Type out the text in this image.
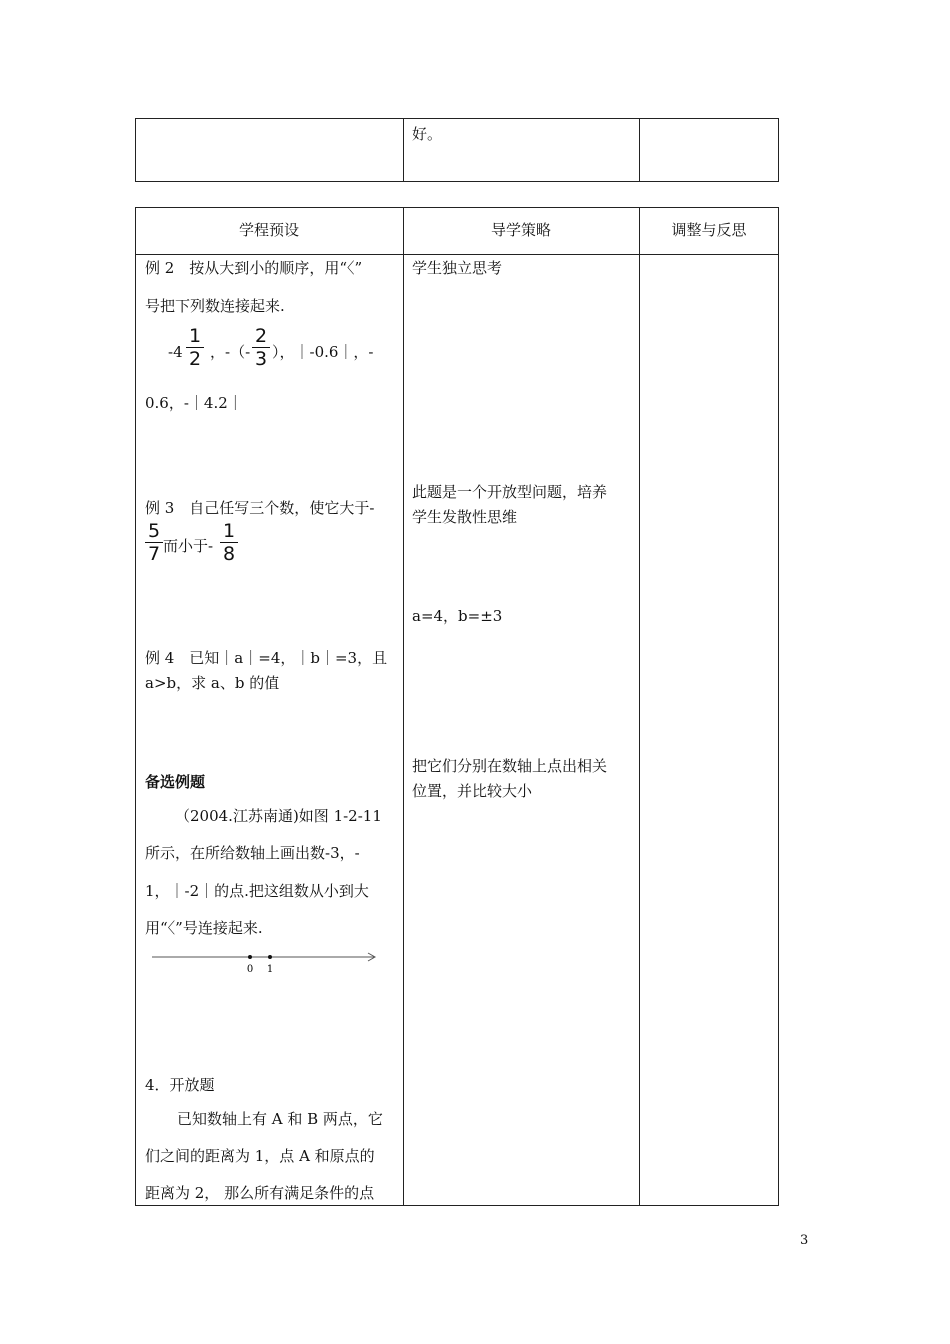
好。
学程预设	导学策略	调整与反思
例 2　按从大到小的顺序，用“〈”
号把下列数连接起来.
-4
1
2 ，-（-
2
3 ），｜-0.6｜，-
0.6，-｜4.2｜
例 3　自己任写三个数，使它大于-
5
7 而小于-
1
8
例 4　已知｜a｜=4，｜b｜=3，且
a>b，求 a、b 的值
备选例题
（2004.江苏南通)如图 1-2-11
所示，在所给数轴上画出数-3，-
1，｜-2｜的点.把这组数从小到大
用“〈”号连接起来.
0 1
4．开放题
已知数轴上有 A 和 B 两点，它
们之间的距离为 1，点 A 和原点的
距离为 2， 那么所有满足条件的点
学生独立思考
此题是一个开放型问题，培养
学生发散性思维
a=4，b=±3
把它们分别在数轴上点出相关
位置，并比较大小
3
